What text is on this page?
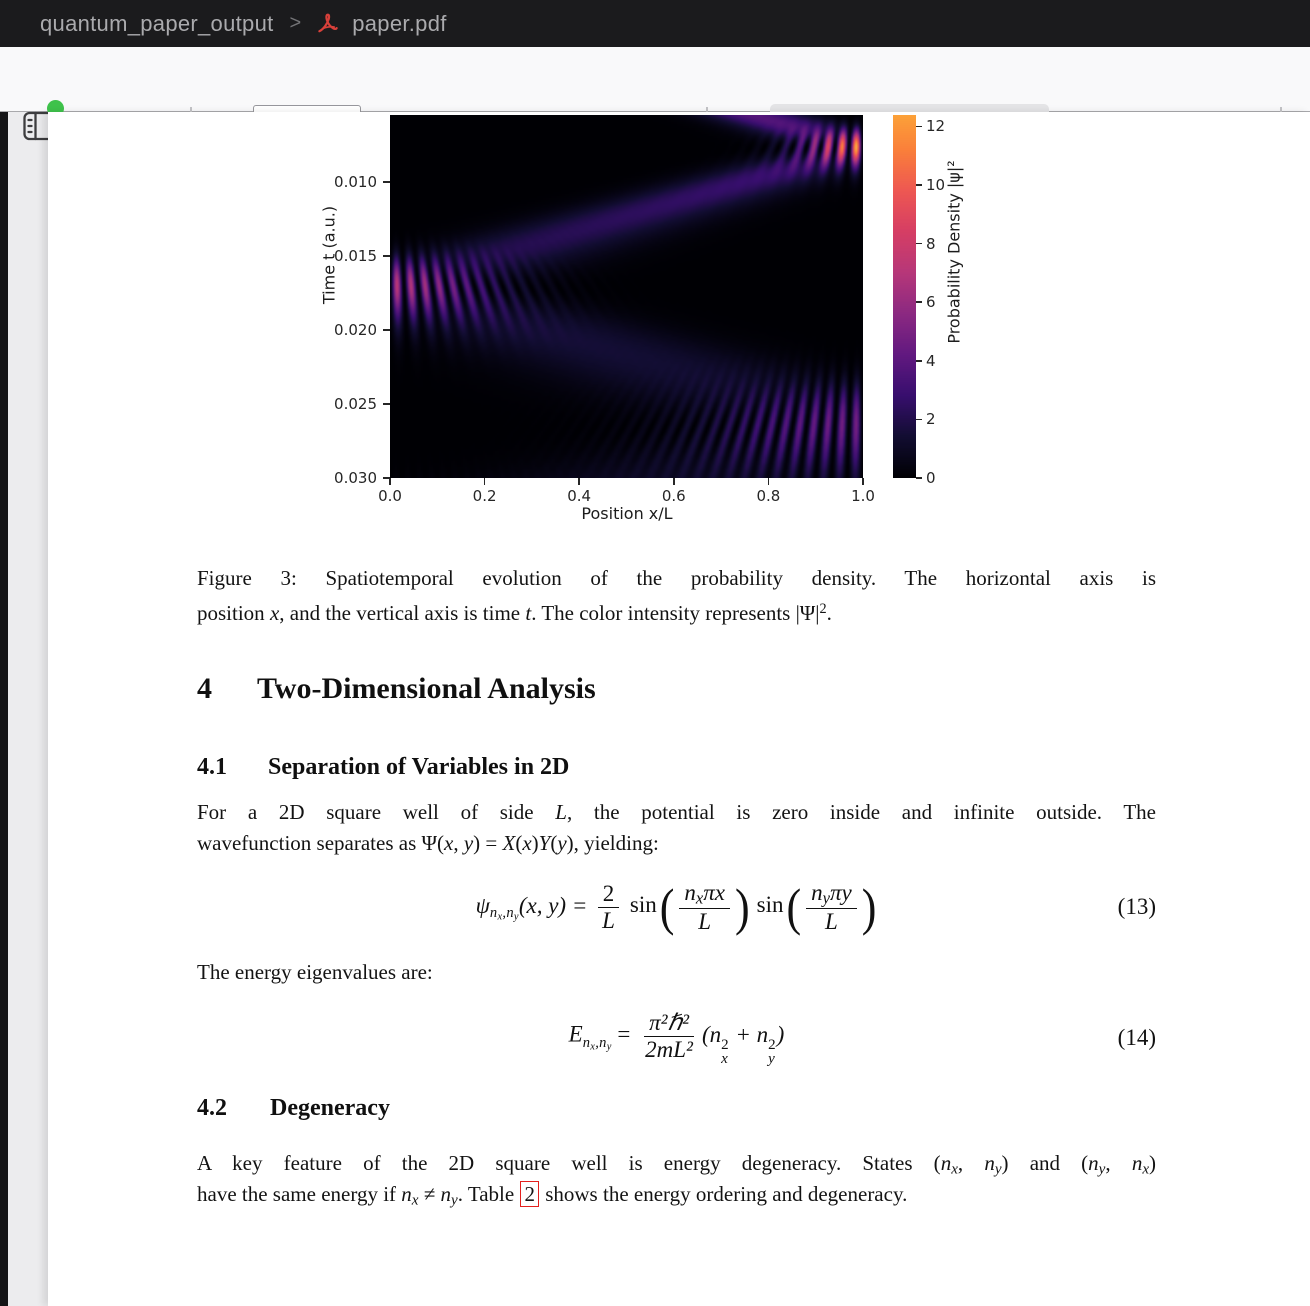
quantum_paper_output > paper.pdf
7
0.010
0.015
0.020
0.025
0.030
0.0	0.2	0.4	0.6	0.8	1.0
0
2
4
6
8
10
12
Time t (a.u.)
Position x/L
Probability Density |ψ|²
Figure 3: Spatiotemporal evolution of the probability density. The horizontal axis is
position x, and the vertical axis is time t. The color intensity represents $|\Psi|^2$.
4 Two-Dimensional Analysis
4.1 Separation of Variables in 2D
For a 2D square well of side L, the potential is zero inside and infinite outside. The
wavefunction separates as Ψ(x, y) = X(x)Y(y), yielding:
$\psi_{nx,ny}(x$, $y) = \frac{2}{L} \sin( \frac{\text{nxπx}}{L}$ ) $\sin( \frac{\text{nyπy}}{L}$ )	(13)
The energy eigenvalues are:
$E_{nx,ny} = \frac{\text{π²ℏ²}}{\text{2mL²}} (n$ 2
x
+ n 2
y
)	(14)
4.2 Degeneracy
A key feature of the 2D square well is energy degeneracy. States (nx, ny) and (ny, nx)
have the same energy if nx ≠ ny. Table 2 shows the energy ordering and degeneracy.
